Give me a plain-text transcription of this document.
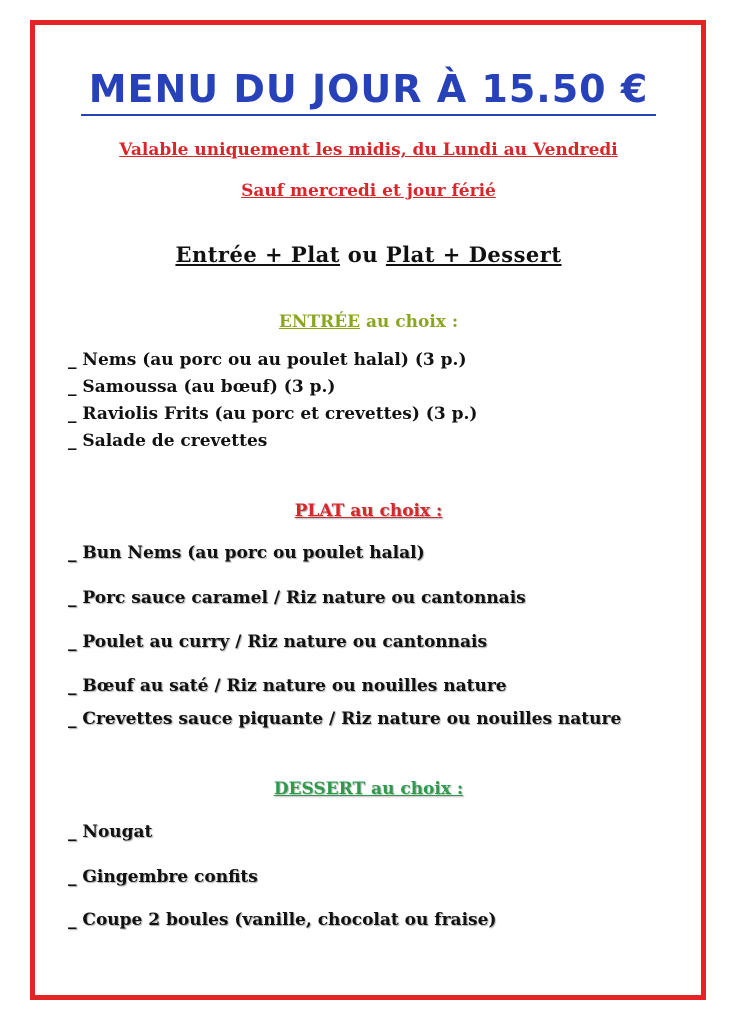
MENU DU JOUR À 15.50 €

Valable uniquement les midis, du Lundi au Vendredi

Sauf mercredi et jour férié

Entrée + Plat ou Plat + Dessert
ENTRÉE au choix :
_ Nems (au porc ou au poulet halal) (3 p.)
_ Samoussa (au bœuf) (3 p.)
_ Raviolis Frits (au porc et crevettes) (3 p.)
_ Salade de crevettes
PLAT au choix :
_ Bun Nems (au porc ou poulet halal)
_ Porc sauce caramel / Riz nature ou cantonnais
_ Poulet au curry / Riz nature ou cantonnais
_ Bœuf au saté / Riz nature ou nouilles nature
_ Crevettes sauce piquante / Riz nature ou nouilles nature
DESSERT au choix :
_ Nougat
_ Gingembre confits
_ Coupe 2 boules (vanille, chocolat ou fraise)
